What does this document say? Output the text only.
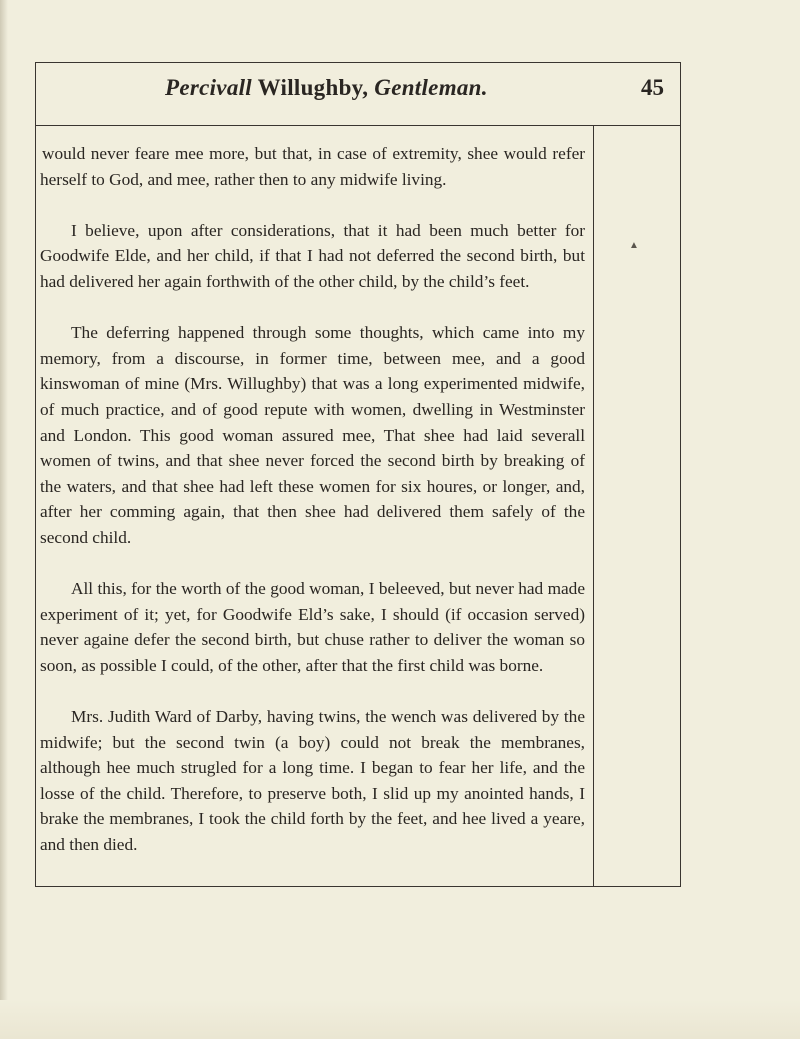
Percivall Willughby, Gentleman.	45
▲

would never feare mee more, but that, in case of extremity, shee would refer herself to God, and mee, rather then to any midwife living.

I believe, upon after considerations, that it had been much better for Goodwife Elde, and her child, if that I had not deferred the second birth, but had delivered her again forthwith of the other child, by the child’s feet.

The deferring happened through some thoughts, which came into my memory, from a discourse, in former time, between mee, and a good kinswoman of mine (Mrs. Willughby) that was a long experimented midwife, of much practice, and of good repute with women, dwelling in Westminster and London. This good woman assured mee, That shee had laid severall women of twins, and that shee never forced the second birth by breaking of the waters, and that shee had left these women for six houres, or longer, and, after her comming again, that then shee had delivered them safely of the second child.

All this, for the worth of the good woman, I beleeved, but never had made experiment of it; yet, for Goodwife Eld’s sake, I should (if occasion served) never againe defer the second birth, but chuse rather to deliver the woman so soon, as possible I could, of the other, after that the first child was borne.

Mrs. Judith Ward of Darby, having twins, the wench was delivered by the midwife; but the second twin (a boy) could not break the membranes, although hee much strugled for a long time. I began to fear her life, and the losse of the child. Therefore, to preserve both, I slid up my anointed hands, I brake the membranes, I took the child forth by the feet, and hee lived a yeare, and then died.
